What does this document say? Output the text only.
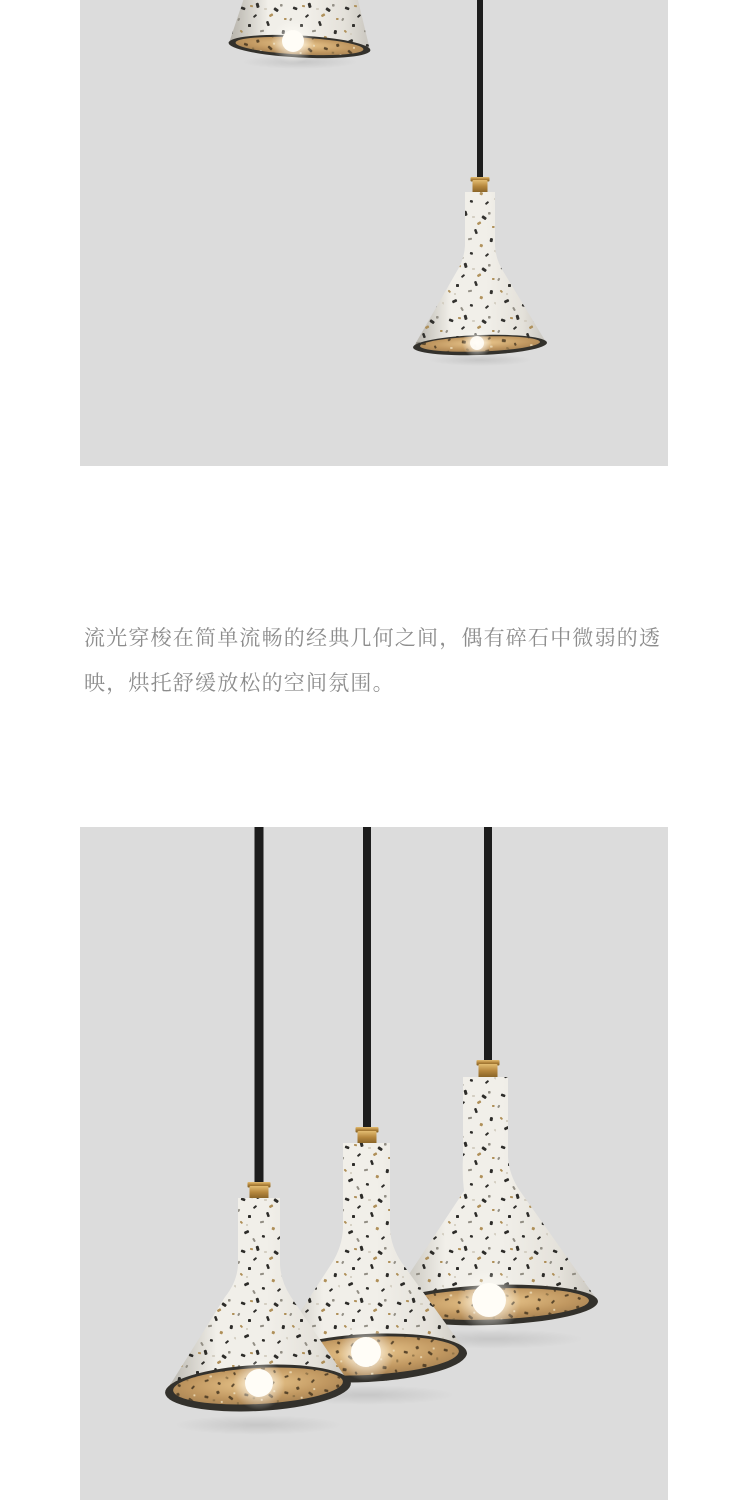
流光穿梭在简单流畅的经典几何之间，偶有碎石中微弱的透映，烘托舒缓放松的空间氛围。
